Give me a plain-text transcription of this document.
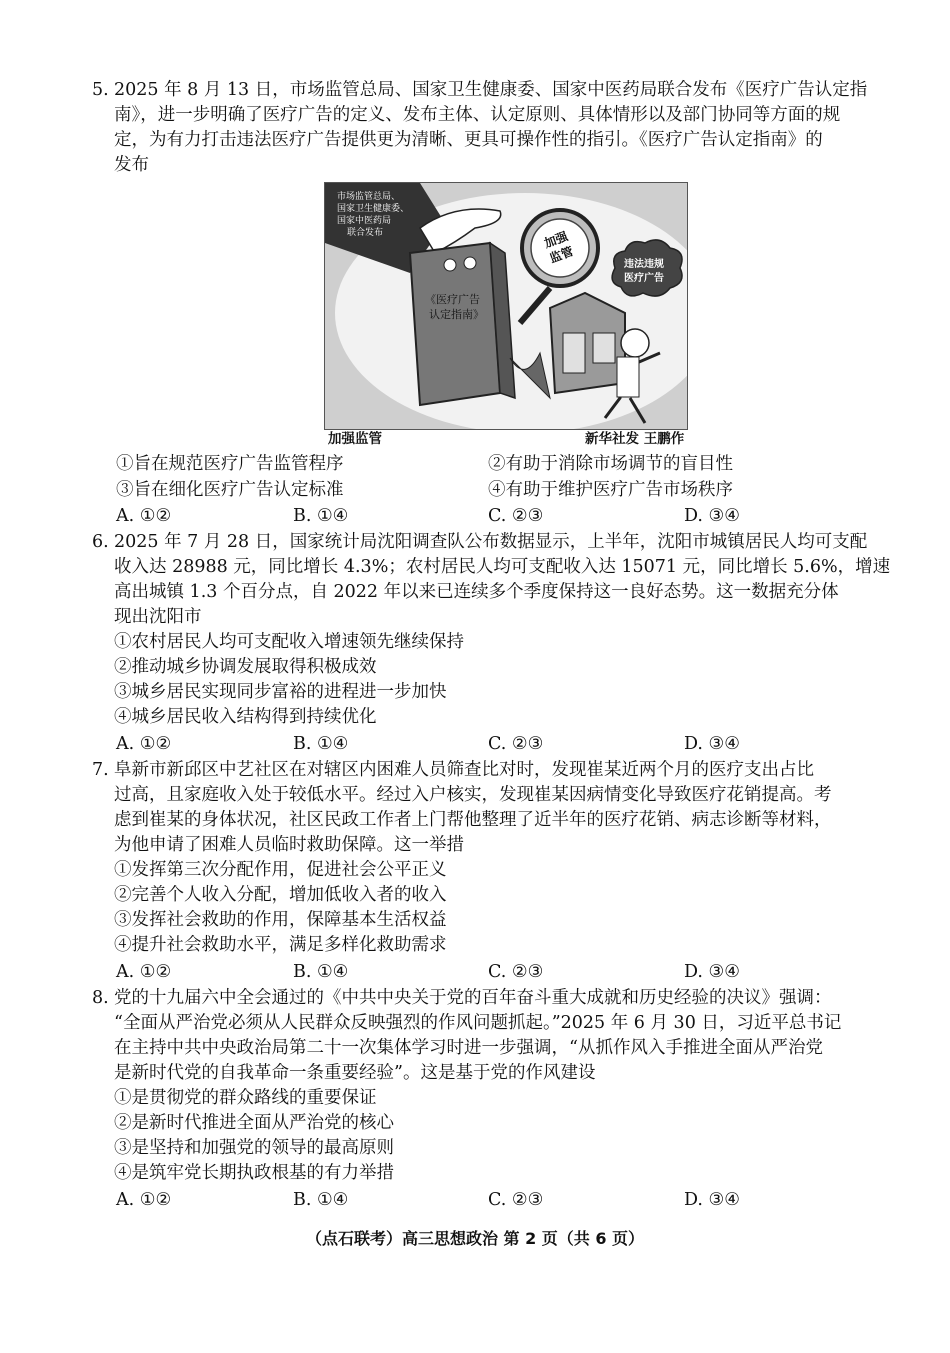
5. 2025 年 8 月 13 日，市场监管总局、国家卫生健康委、国家中医药局联合发布《医疗广告认定指
南》，进一步明确了医疗广告的定义、发布主体、认定原则、具体情形以及部门协同等方面的规
定，为有力打击违法医疗广告提供更为清晰、更具可操作性的指引。《医疗广告认定指南》的
发布
市场监管总局、 国家卫生健康委、 国家中医药局 联合发布
《医疗广告 认定指南》
加强 监管	违法违规 医疗广告
加强监管	新华社发 王鹏作
①旨在规范医疗广告监管程序	②有助于消除市场调节的盲目性
③旨在细化医疗广告认定标准	④有助于维护医疗广告市场秩序
A. ①②	B. ①④	C. ②③	D. ③④
6. 2025 年 7 月 28 日，国家统计局沈阳调查队公布数据显示，上半年，沈阳市城镇居民人均可支配
收入达 28988 元，同比增长 4.3%；农村居民人均可支配收入达 15071 元，同比增长 5.6%，增速
高出城镇 1.3 个百分点，自 2022 年以来已连续多个季度保持这一良好态势。这一数据充分体
现出沈阳市
①农村居民人均可支配收入增速领先继续保持
②推动城乡协调发展取得积极成效
③城乡居民实现同步富裕的进程进一步加快
④城乡居民收入结构得到持续优化
A. ①②	B. ①④	C. ②③	D. ③④
7. 阜新市新邱区中艺社区在对辖区内困难人员筛查比对时，发现崔某近两个月的医疗支出占比
过高，且家庭收入处于较低水平。经过入户核实，发现崔某因病情变化导致医疗花销提高。考
虑到崔某的身体状况，社区民政工作者上门帮他整理了近半年的医疗花销、病志诊断等材料，
为他申请了困难人员临时救助保障。这一举措
①发挥第三次分配作用，促进社会公平正义
②完善个人收入分配，增加低收入者的收入
③发挥社会救助的作用，保障基本生活权益
④提升社会救助水平，满足多样化救助需求
A. ①②	B. ①④	C. ②③	D. ③④
8. 党的十九届六中全会通过的《中共中央关于党的百年奋斗重大成就和历史经验的决议》强调：
“全面从严治党必须从人民群众反映强烈的作风问题抓起。”2025 年 6 月 30 日，习近平总书记
在主持中共中央政治局第二十一次集体学习时进一步强调，“从抓作风入手推进全面从严治党
是新时代党的自我革命一条重要经验”。这是基于党的作风建设
①是贯彻党的群众路线的重要保证
②是新时代推进全面从严治党的核心
③是坚持和加强党的领导的最高原则
④是筑牢党长期执政根基的有力举措
A. ①②	B. ①④	C. ②③	D. ③④
（点石联考）高三思想政治 第 2 页（共 6 页）
